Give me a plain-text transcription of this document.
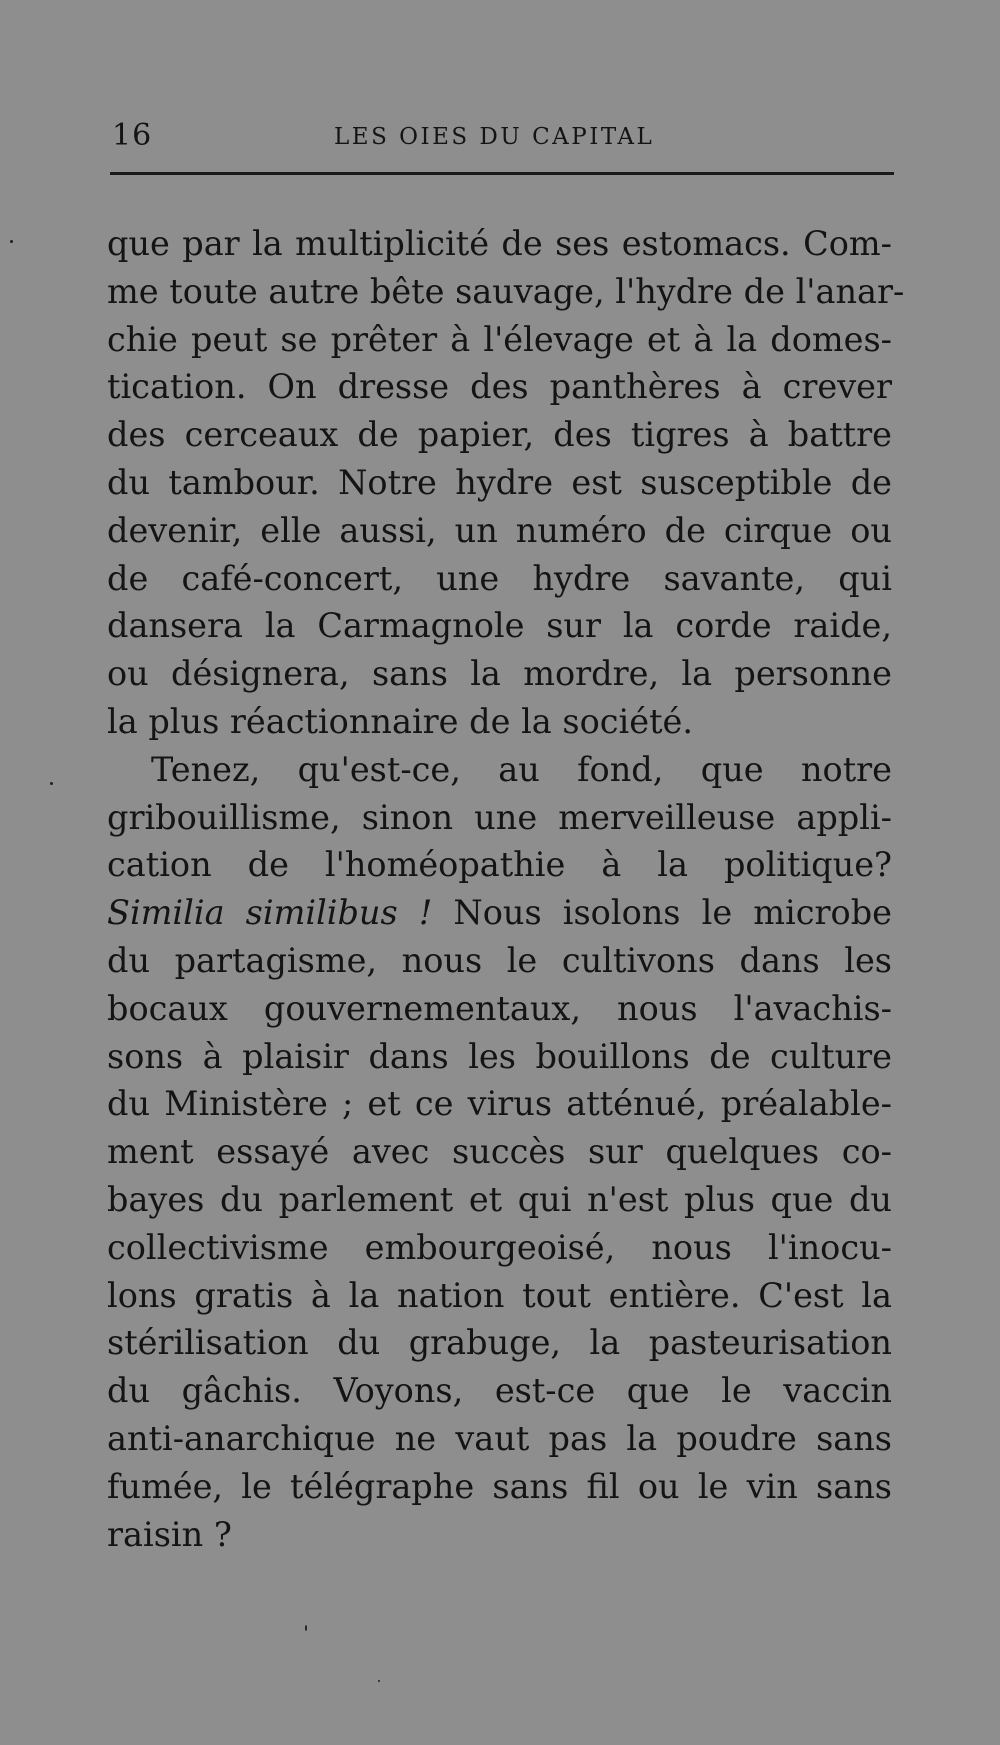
16	LES OIES DU CAPITAL
que par la multiplicité de ses estomacs. Com-
me toute autre bête sauvage, l'hydre de l'anar-
chie peut se prêter à l'élevage et à la domes-
tication. On dresse des panthères à crever
des cerceaux de papier, des tigres à battre
du tambour. Notre hydre est susceptible de
devenir, elle aussi, un numéro de cirque ou
de café-concert, une hydre savante, qui
dansera la Carmagnole sur la corde raide,
ou désignera, sans la mordre, la personne
la plus réactionnaire de la société.
Tenez, qu'est-ce, au fond, que notre
gribouillisme, sinon une merveilleuse appli-
cation de l'homéopathie à la politique?
Similia similibus ! Nous isolons le microbe
du partagisme, nous le cultivons dans les
bocaux gouvernementaux, nous l'avachis-
sons à plaisir dans les bouillons de culture
du Ministère ; et ce virus atténué, préalable-
ment essayé avec succès sur quelques co-
bayes du parlement et qui n'est plus que du
collectivisme embourgeoisé, nous l'inocu-
lons gratis à la nation tout entière. C'est la
stérilisation du grabuge, la pasteurisation
du gâchis. Voyons, est-ce que le vaccin
anti-anarchique ne vaut pas la poudre sans
fumée, le télégraphe sans fil ou le vin sans
raisin ?
